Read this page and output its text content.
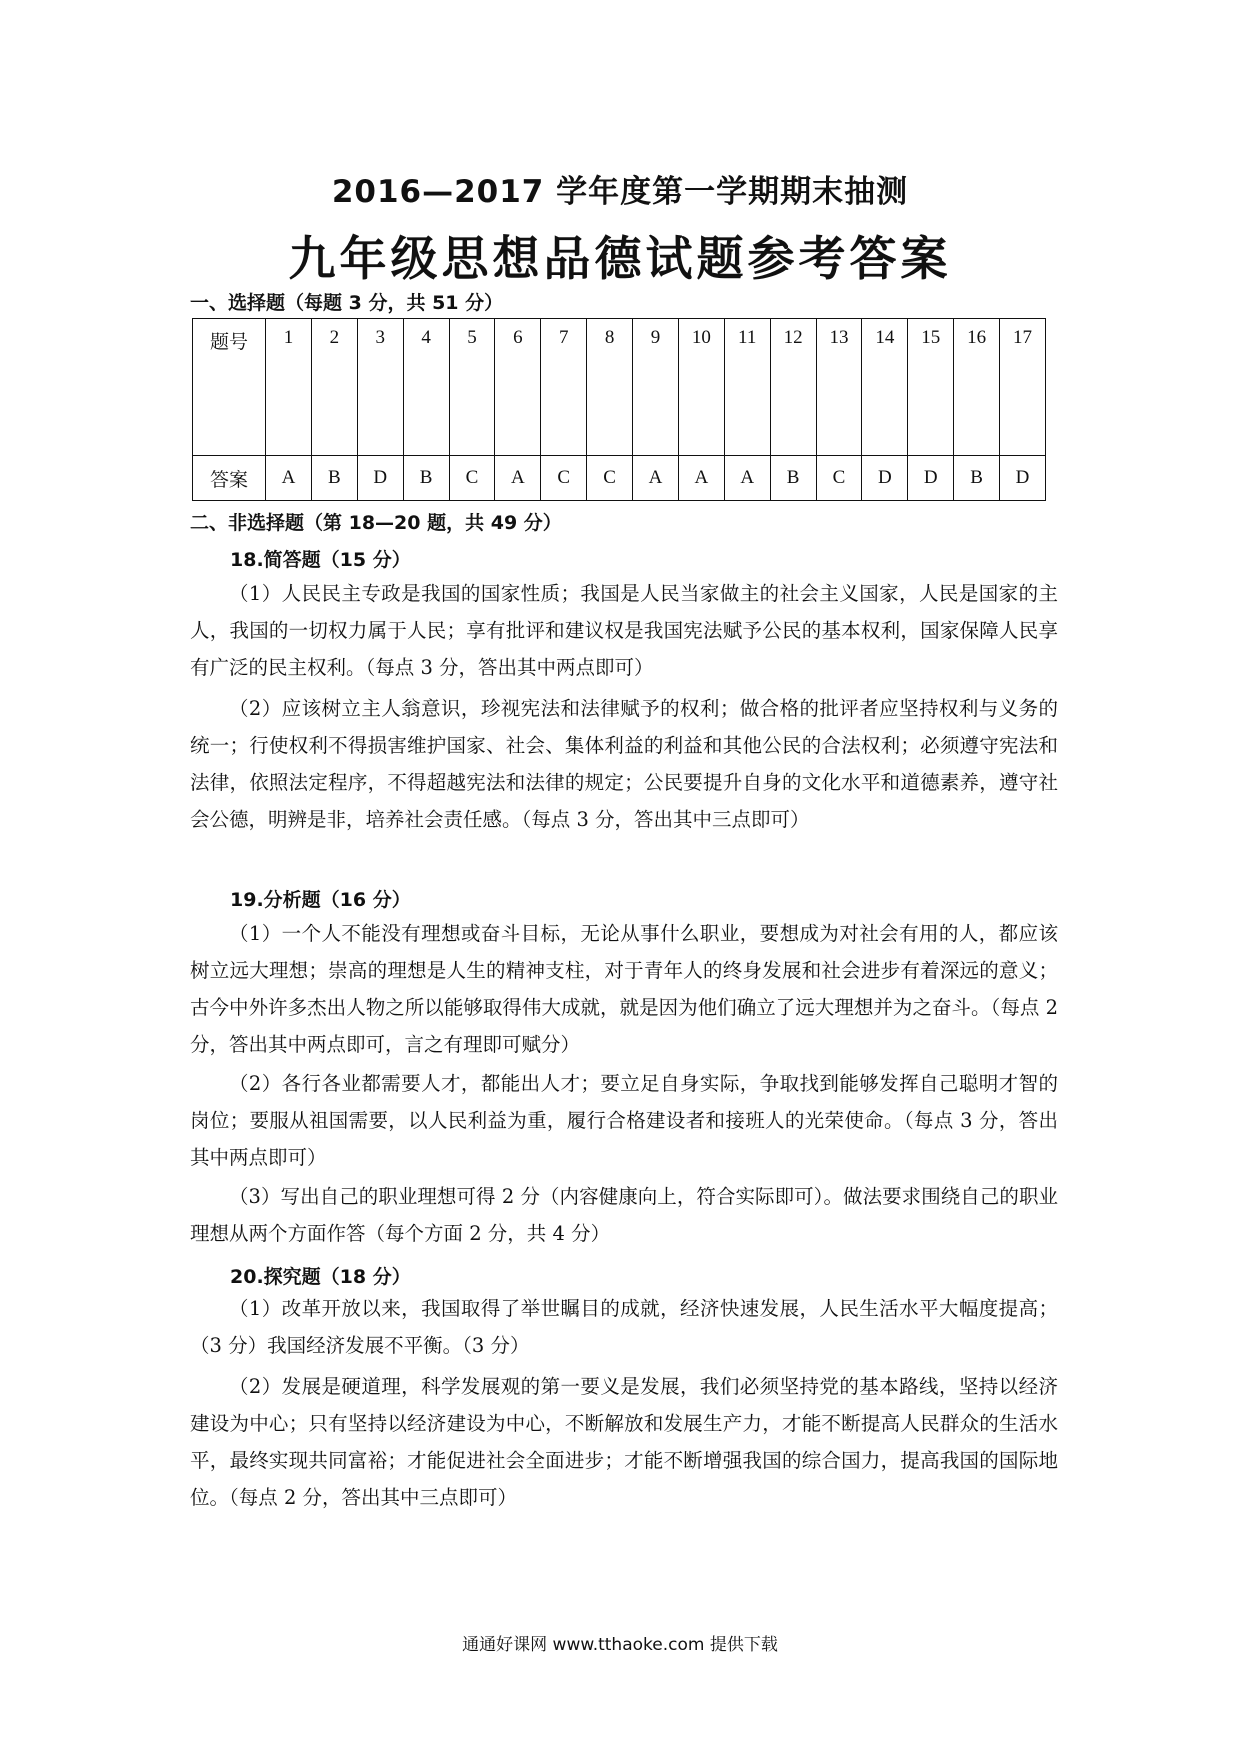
2016—2017 学年度第一学期期末抽测
九年级思想品德试题参考答案
一、选择题（每题 3 分，共 51 分）
题号	1	2	3	4	5	6	7	8	9	10	11	12	13	14	15	16	17
答案	A	B	D	B	C	A	C	C	A	A	A	B	C	D	D	B	D
二、非选择题（第 18—20 题，共 49 分）
18.简答题（15 分）

（1）人民民主专政是我国的国家性质；我国是人民当家做主的社会主义国家，人民是国家的主人，我国的一切权力属于人民；享有批评和建议权是我国宪法赋予公民的基本权利，国家保障人民享有广泛的民主权利。（每点 3 分，答出其中两点即可）

（2）应该树立主人翁意识，珍视宪法和法律赋予的权利；做合格的批评者应坚持权利与义务的统一；行使权利不得损害维护国家、社会、集体利益的利益和其他公民的合法权利；必须遵守宪法和法律，依照法定程序，不得超越宪法和法律的规定；公民要提升自身的文化水平和道德素养，遵守社会公德，明辨是非，培养社会责任感。（每点 3 分，答出其中三点即可）

19.分析题（16 分）

（1）一个人不能没有理想或奋斗目标，无论从事什么职业，要想成为对社会有用的人，都应该树立远大理想；崇高的理想是人生的精神支柱，对于青年人的终身发展和社会进步有着深远的意义；古今中外许多杰出人物之所以能够取得伟大成就，就是因为他们确立了远大理想并为之奋斗。（每点 2 分，答出其中两点即可，言之有理即可赋分）

（2）各行各业都需要人才，都能出人才；要立足自身实际，争取找到能够发挥自己聪明才智的岗位；要服从祖国需要，以人民利益为重，履行合格建设者和接班人的光荣使命。（每点 3 分，答出其中两点即可）

（3）写出自己的职业理想可得 2 分（内容健康向上，符合实际即可）。做法要求围绕自己的职业理想从两个方面作答（每个方面 2 分，共 4 分）

20.探究题（18 分）

（1）改革开放以来，我国取得了举世瞩目的成就，经济快速发展，人民生活水平大幅度提高；（3 分）我国经济发展不平衡。（3 分）

（2）发展是硬道理，科学发展观的第一要义是发展，我们必须坚持党的基本路线，坚持以经济建设为中心；只有坚持以经济建设为中心，不断解放和发展生产力，才能不断提高人民群众的生活水平，最终实现共同富裕；才能促进社会全面进步；才能不断增强我国的综合国力，提高我国的国际地位。（每点 2 分，答出其中三点即可）

通通好课网 www.tthaoke.com 提供下载
